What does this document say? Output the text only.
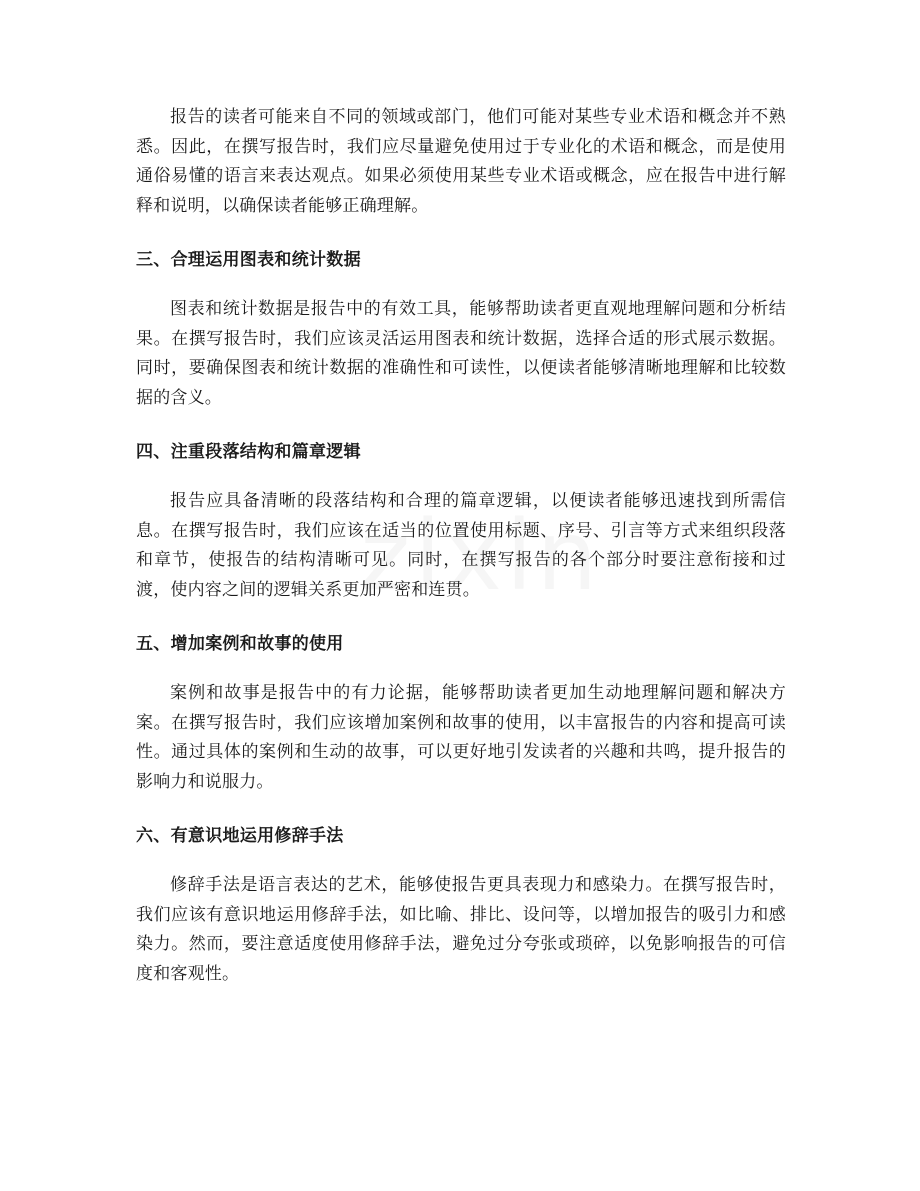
报告的读者可能来自不同的领域或部门，他们可能对某些专业术语和概念并不熟悉。因此，在撰写报告时，我们应尽量避免使用过于专业化的术语和概念，而是使用通俗易懂的语言来表达观点。如果必须使用某些专业术语或概念，应在报告中进行解释和说明，以确保读者能够正确理解。

三、合理运用图表和统计数据

图表和统计数据是报告中的有效工具，能够帮助读者更直观地理解问题和分析结果。在撰写报告时，我们应该灵活运用图表和统计数据，选择合适的形式展示数据。同时，要确保图表和统计数据的准确性和可读性，以便读者能够清晰地理解和比较数据的含义。

四、注重段落结构和篇章逻辑

报告应具备清晰的段落结构和合理的篇章逻辑，以便读者能够迅速找到所需信息。在撰写报告时，我们应该在适当的位置使用标题、序号、引言等方式来组织段落和章节，使报告的结构清晰可见。同时，在撰写报告的各个部分时要注意衔接和过渡，使内容之间的逻辑关系更加严密和连贯。

五、增加案例和故事的使用

案例和故事是报告中的有力论据，能够帮助读者更加生动地理解问题和解决方案。在撰写报告时，我们应该增加案例和故事的使用，以丰富报告的内容和提高可读性。通过具体的案例和生动的故事，可以更好地引发读者的兴趣和共鸣，提升报告的影响力和说服力。

六、有意识地运用修辞手法

修辞手法是语言表达的艺术，能够使报告更具表现力和感染力。在撰写报告时，我们应该有意识地运用修辞手法，如比喻、排比、设问等，以增加报告的吸引力和感染力。然而，要注意适度使用修辞手法，避免过分夸张或琐碎，以免影响报告的可信度和客观性。
